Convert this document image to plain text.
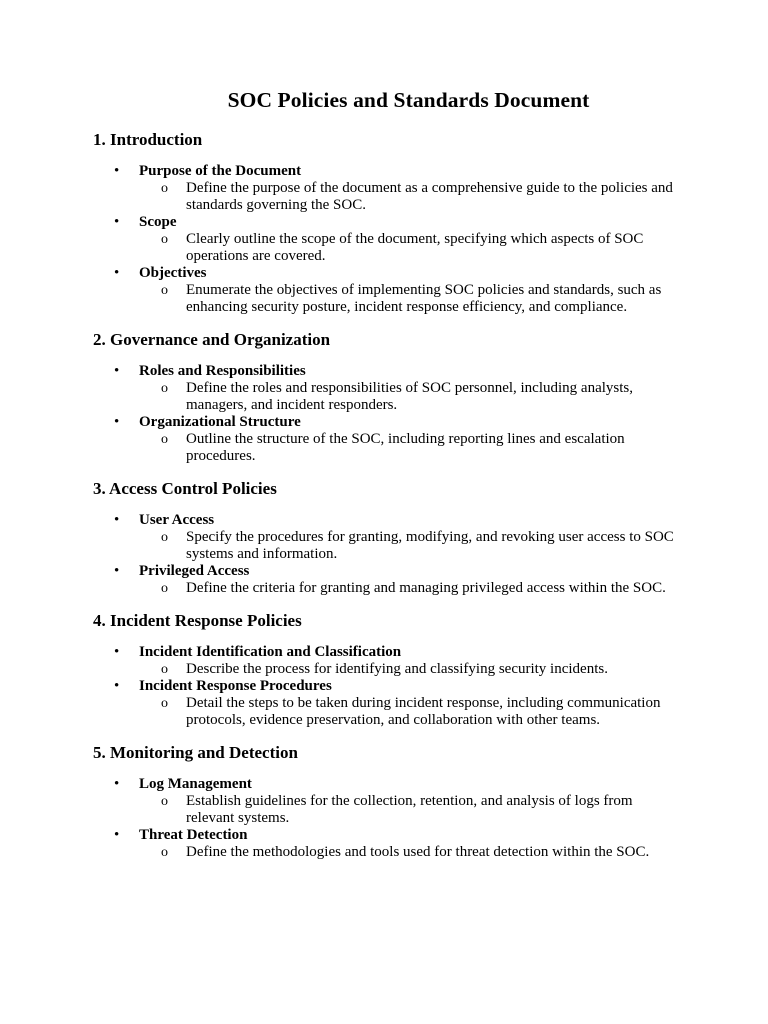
SOC Policies and Standards Document
1. Introduction
• Purpose of the Document
o Define the purpose of the document as a comprehensive guide to the policies and standards governing the SOC.
• Scope
o Clearly outline the scope of the document, specifying which aspects of SOC operations are covered.
• Objectives
o Enumerate the objectives of implementing SOC policies and standards, such as enhancing security posture, incident response efficiency, and compliance.
2. Governance and Organization
• Roles and Responsibilities
o Define the roles and responsibilities of SOC personnel, including analysts, managers, and incident responders.
• Organizational Structure
o Outline the structure of the SOC, including reporting lines and escalation procedures.
3. Access Control Policies
• User Access
o Specify the procedures for granting, modifying, and revoking user access to SOC systems and information.
• Privileged Access
o Define the criteria for granting and managing privileged access within the SOC.
4. Incident Response Policies
• Incident Identification and Classification
o Describe the process for identifying and classifying security incidents.
• Incident Response Procedures
o Detail the steps to be taken during incident response, including communication protocols, evidence preservation, and collaboration with other teams.
5. Monitoring and Detection
• Log Management
o Establish guidelines for the collection, retention, and analysis of logs from relevant systems.
• Threat Detection
o Define the methodologies and tools used for threat detection within the SOC.
